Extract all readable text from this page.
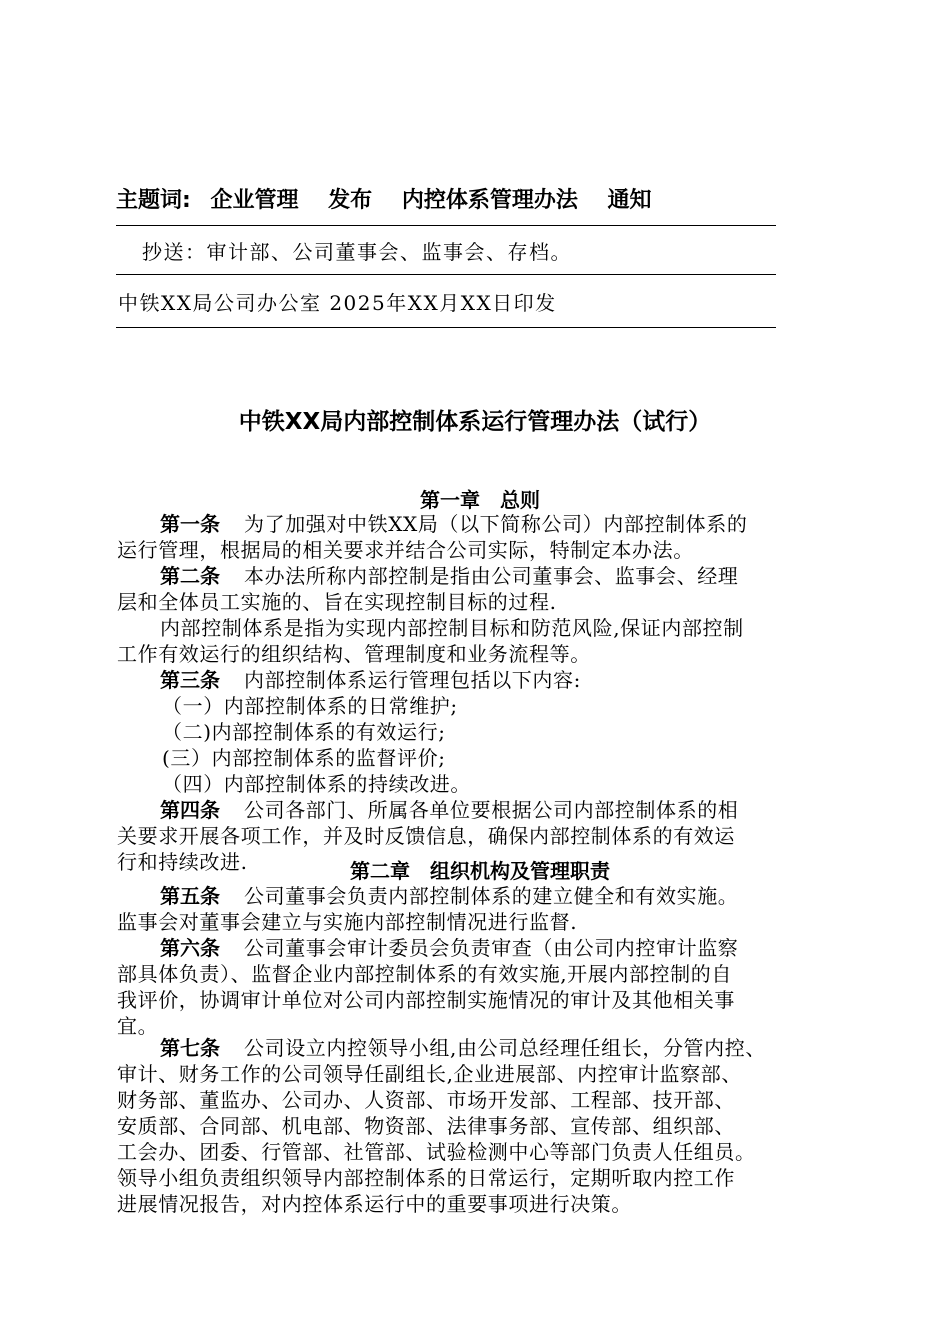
主题词: 企业管理 发布 内控体系管理办法 通知
抄送：审计部、公司董事会、监事会、存档。
中铁XX局公司办公室 2025年XX月XX日印发
中铁XX局内部控制体系运行管理办法（试行）
第一章　总则
第一条 为了加强对中铁XX局（以下简称公司）内部控制体系的
运行管理，根据局的相关要求并结合公司实际，特制定本办法。
第二条 本办法所称内部控制是指由公司董事会、监事会、经理
层和全体员工实施的、旨在实现控制目标的过程.
内部控制体系是指为实现内部控制目标和防范风险,保证内部控制
工作有效运行的组织结构、管理制度和业务流程等。
第三条 内部控制体系运行管理包括以下内容:
（一）内部控制体系的日常维护;
（二)内部控制体系的有效运行;
(三）内部控制体系的监督评价;
（四）内部控制体系的持续改进。
第四条 公司各部门、所属各单位要根据公司内部控制体系的相
关要求开展各项工作，并及时反馈信息，确保内部控制体系的有效运
行和持续改进.	第二章　组织机构及管理职责
第五条 公司董事会负责内部控制体系的建立健全和有效实施。
监事会对董事会建立与实施内部控制情况进行监督.
第六条 公司董事会审计委员会负责审查（由公司内控审计监察
部具体负责）、监督企业内部控制体系的有效实施,开展内部控制的自
我评价，协调审计单位对公司内部控制实施情况的审计及其他相关事
宜。
第七条 公司设立内控领导小组,由公司总经理任组长，分管内控、
审计、财务工作的公司领导任副组长,企业进展部、内控审计监察部、
财务部、董监办、公司办、人资部、市场开发部、工程部、技开部、
安质部、合同部、机电部、物资部、法律事务部、宣传部、组织部、
工会办、团委、行管部、社管部、试验检测中心等部门负责人任组员。
领导小组负责组织领导内部控制体系的日常运行，定期听取内控工作
进展情况报告，对内控体系运行中的重要事项进行决策。
